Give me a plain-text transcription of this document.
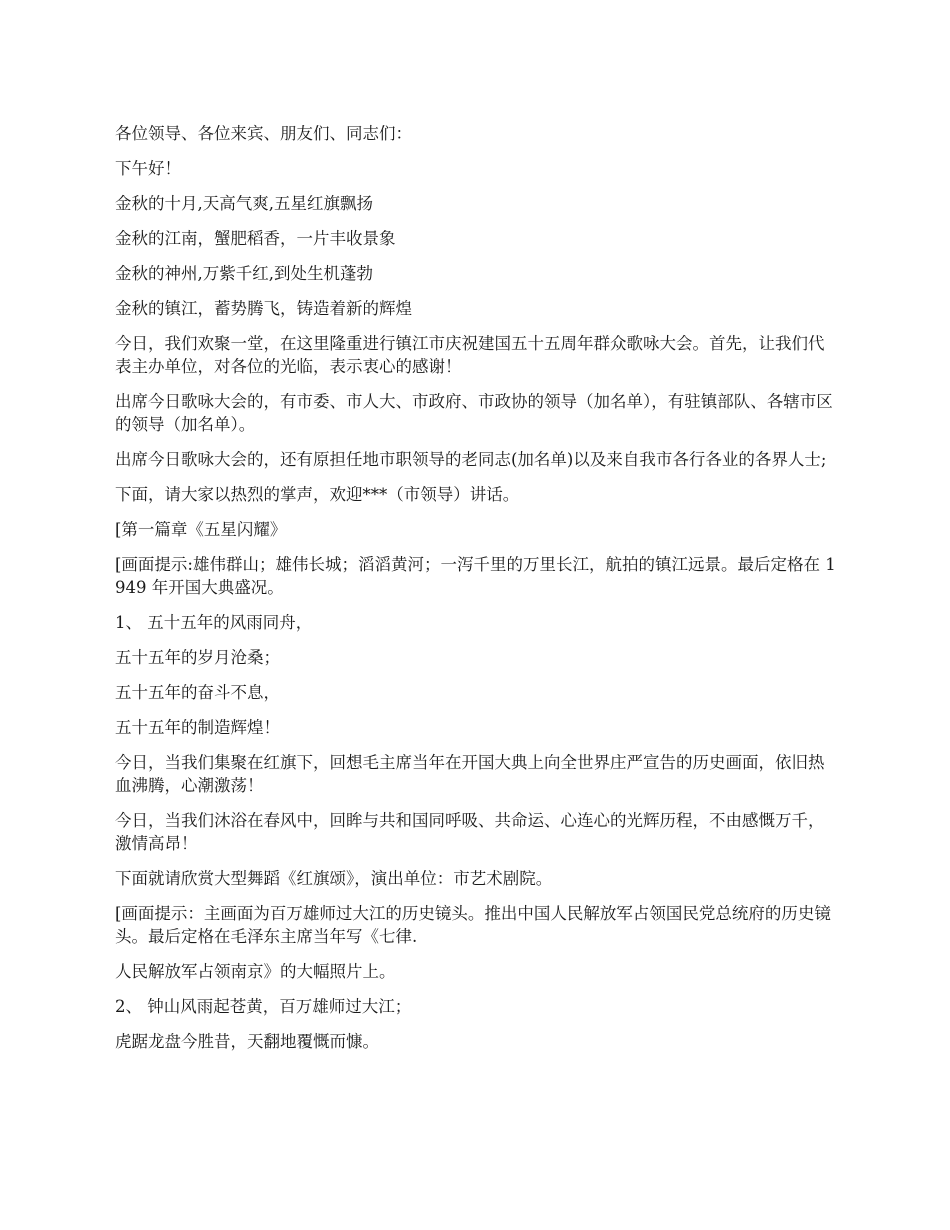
各位领导、各位来宾、朋友们、同志们：

下午好！

金秋的十月,天高气爽,五星红旗飘扬

金秋的江南，蟹肥稻香，一片丰收景象

金秋的神州,万紫千红,到处生机蓬勃

金秋的镇江，蓄势腾飞，铸造着新的辉煌

今日，我们欢聚一堂，在这里隆重进行镇江市庆祝建国五十五周年群众歌咏大会。首先，让我们代表主办单位，对各位的光临，表示衷心的感谢！

出席今日歌咏大会的，有市委、市人大、市政府、市政协的领导（加名单），有驻镇部队、各辖市区的领导（加名单）。

出席今日歌咏大会的，还有原担任地市职领导的老同志(加名单)以及来自我市各行各业的各界人士;

下面，请大家以热烈的掌声，欢迎***（市领导）讲话。

[第一篇章《五星闪耀》

[画面提示:雄伟群山；雄伟长城；滔滔黄河；一泻千里的万里长江，航拍的镇江远景。最后定格在 1949 年开国大典盛况。

1、 五十五年的风雨同舟，

五十五年的岁月沧桑；

五十五年的奋斗不息，

五十五年的制造辉煌！

今日，当我们集聚在红旗下，回想毛主席当年在开国大典上向全世界庄严宣告的历史画面，依旧热血沸腾，心潮激荡！

今日，当我们沐浴在春风中，回眸与共和国同呼吸、共命运、心连心的光辉历程，不由感慨万千，激情高昂！

下面就请欣赏大型舞蹈《红旗颂》，演出单位：市艺术剧院。

[画面提示：主画面为百万雄师过大江的历史镜头。推出中国人民解放军占领国民党总统府的历史镜头。最后定格在毛泽东主席当年写《七律.

人民解放军占领南京》的大幅照片上。

2、 钟山风雨起苍黄，百万雄师过大江；

虎踞龙盘今胜昔，天翻地覆慨而慷。
